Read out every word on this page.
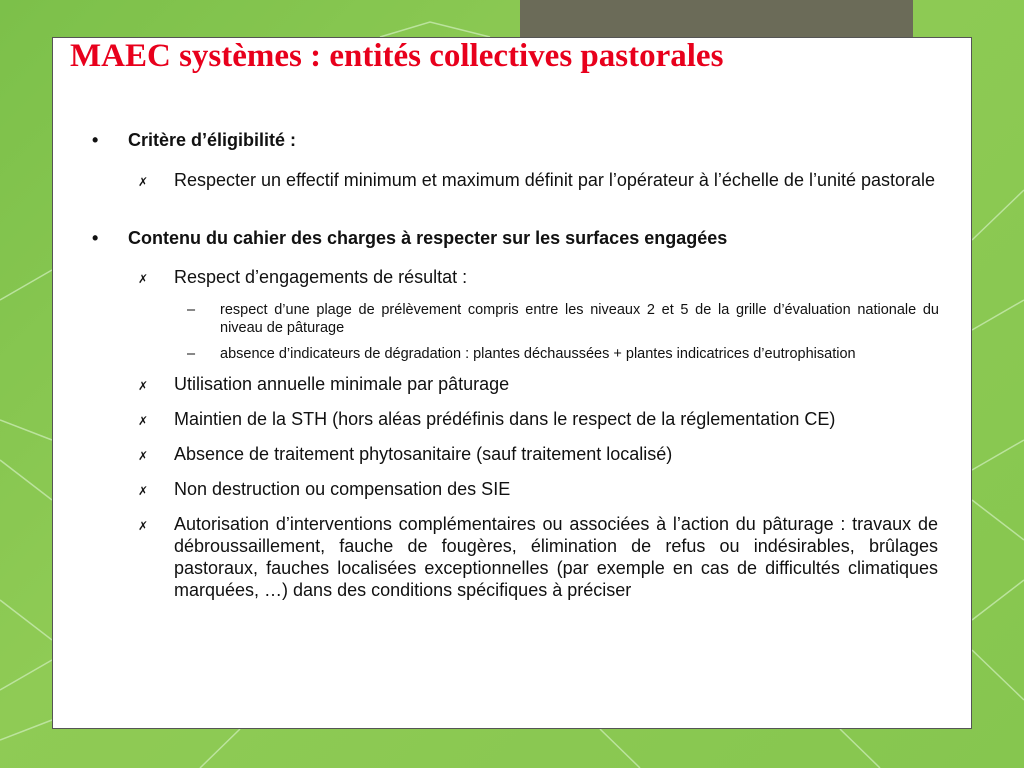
MAEC systèmes : entités collectives pastorales
• Critère d’éligibilité :
✗ Respecter un effectif minimum et maximum définit par l’opérateur à l’échelle de l’unité pastorale
• Contenu du cahier des charges à respecter sur les surfaces engagées
✗ Respect d’engagements de résultat :
– respect d’une plage de prélèvement compris entre les niveaux 2 et 5 de la grille d’évaluation nationale du niveau de pâturage
– absence d’indicateurs de dégradation : plantes déchaussées + plantes indicatrices d’eutrophisation
✗ Utilisation annuelle minimale par pâturage
✗ Maintien de la STH (hors aléas prédéfinis dans le respect de la réglementation CE)
✗ Absence de traitement phytosanitaire (sauf traitement localisé)
✗ Non destruction ou compensation des SIE
✗ Autorisation d’interventions complémentaires ou associées à l’action du pâturage : travaux de débroussaillement, fauche de fougères, élimination de refus ou indésirables, brûlages pastoraux, fauches localisées exceptionnelles (par exemple en cas de difficultés climatiques marquées, …) dans des conditions spécifiques à préciser
